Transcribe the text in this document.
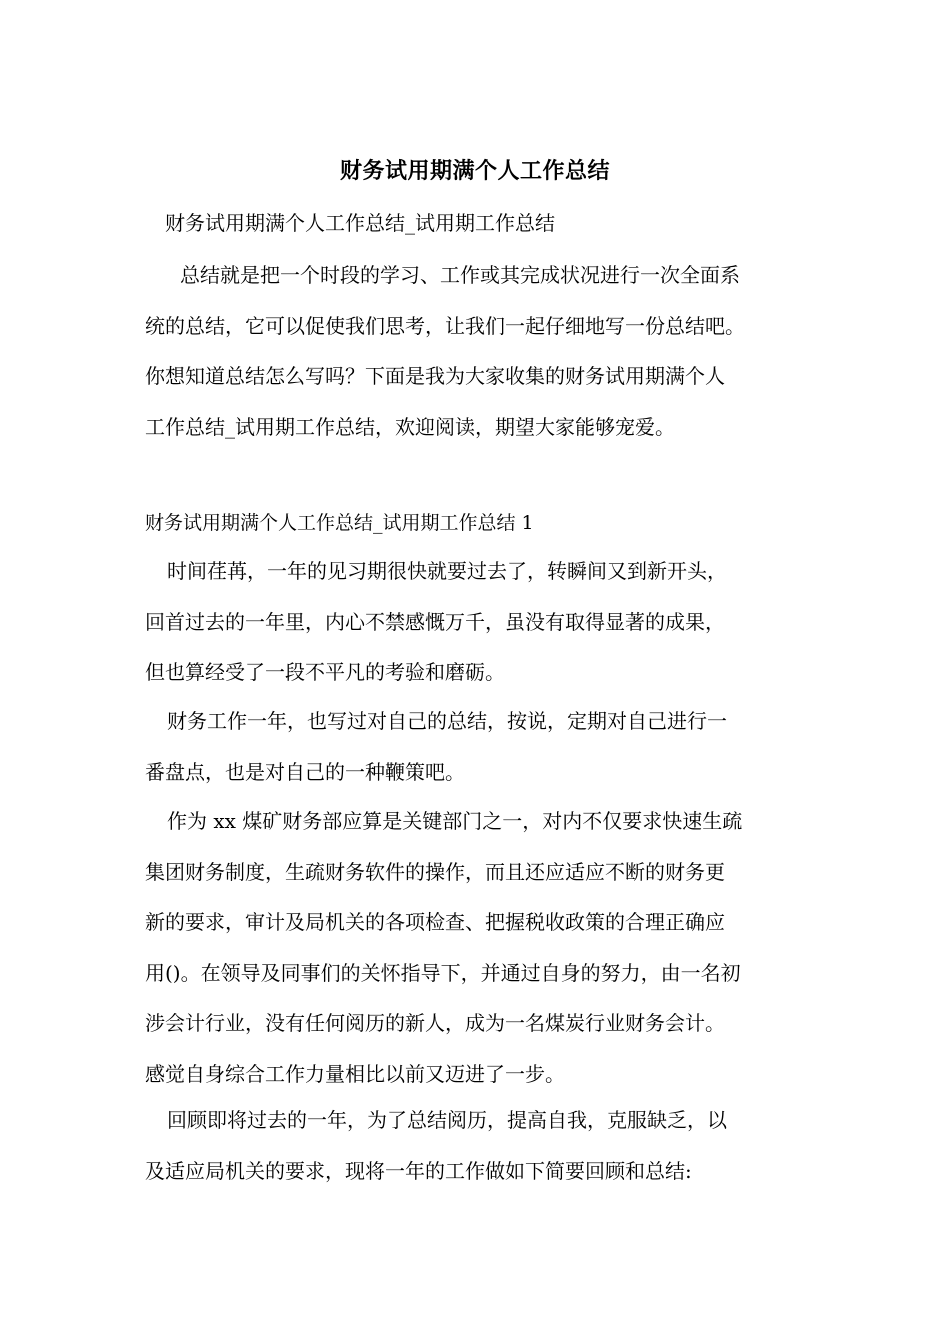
财务试用期满个人工作总结
财务试用期满个人工作总结_试用期工作总结
总结就是把一个时段的学习、工作或其完成状况进行一次全面系
统的总结，它可以促使我们思考，让我们一起仔细地写一份总结吧。
你想知道总结怎么写吗？下面是我为大家收集的财务试用期满个人
工作总结_试用期工作总结，欢迎阅读，期望大家能够宠爱。
财务试用期满个人工作总结_试用期工作总结 1
时间荏苒，一年的见习期很快就要过去了，转瞬间又到新开头，
回首过去的一年里，内心不禁感慨万千，虽没有取得显著的成果，
但也算经受了一段不平凡的考验和磨砺。
财务工作一年，也写过对自己的总结，按说，定期对自己进行一
番盘点，也是对自己的一种鞭策吧。
作为 xx 煤矿财务部应算是关键部门之一，对内不仅要求快速生疏
集团财务制度，生疏财务软件的操作，而且还应适应不断的财务更
新的要求，审计及局机关的各项检查、把握税收政策的合理正确应
用()。在领导及同事们的关怀指导下，并通过自身的努力，由一名初
涉会计行业，没有任何阅历的新人，成为一名煤炭行业财务会计。
感觉自身综合工作力量相比以前又迈进了一步。
回顾即将过去的一年，为了总结阅历，提高自我，克服缺乏，以
及适应局机关的要求，现将一年的工作做如下简要回顾和总结:
